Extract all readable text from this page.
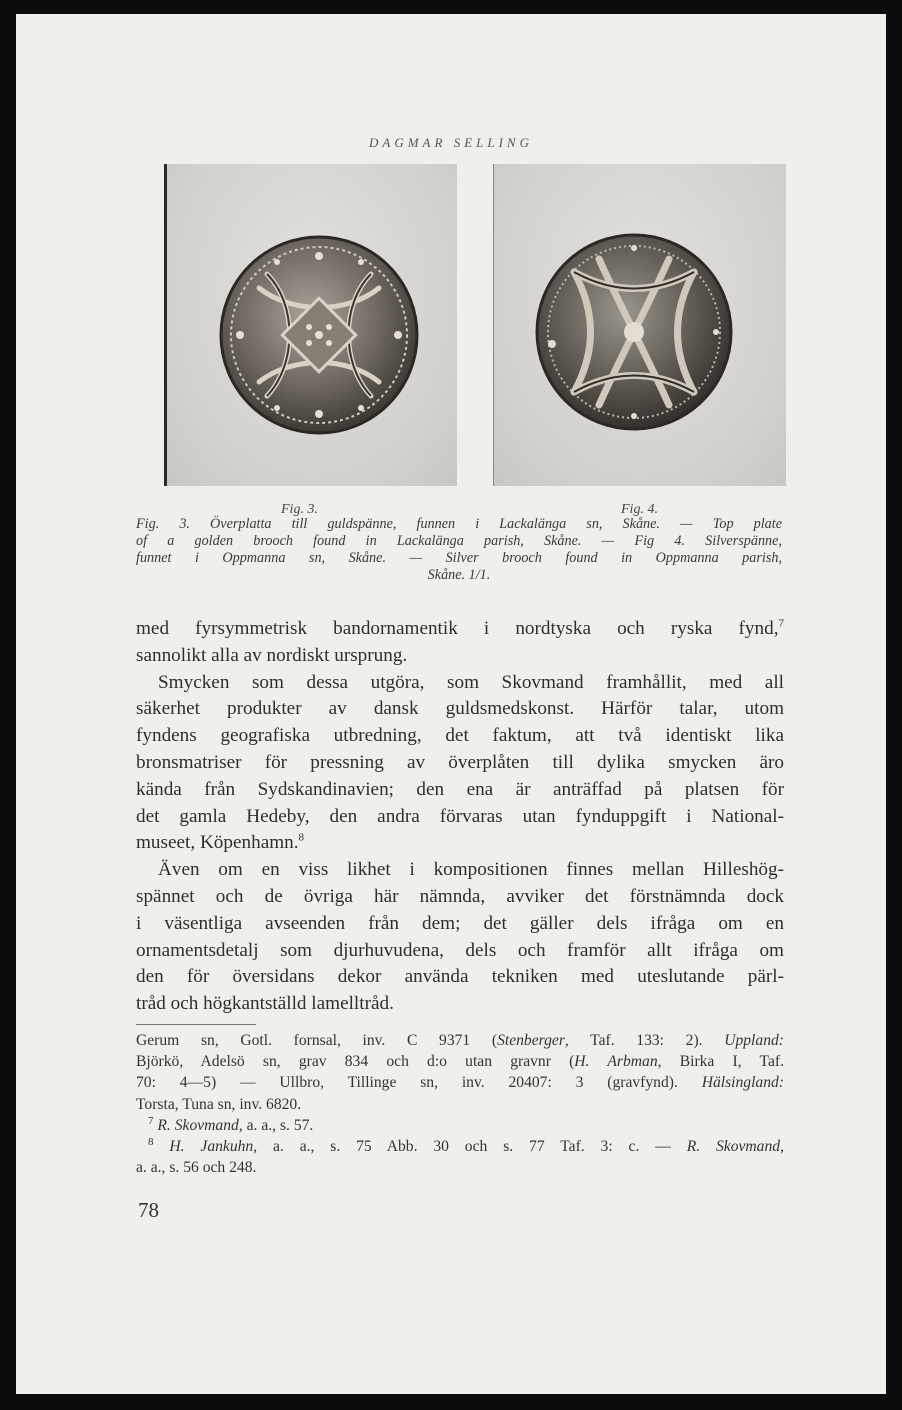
DAGMAR SELLING
Fig. 3.	Fig. 4.
Fig. 3. Överplatta till guldspänne, funnen i Lackalänga sn, Skåne. — Top plate
of a golden brooch found in Lackalänga parish, Skåne. — Fig 4. Silverspänne,
funnet i Oppmanna sn, Skåne. — Silver brooch found in Oppmanna parish,
Skåne. 1/1.
med fyrsymmetrisk bandornamentik i nordtyska och ryska fynd,$^7$
sannolikt alla av nordiskt ursprung.
Smycken som dessa utgöra, som Skovmand framhållit, med all
säkerhet produkter av dansk guldsmedskonst. Härför talar, utom
fyndens geografiska utbredning, det faktum, att två identiskt lika
bronsmatriser för pressning av överplåten till dylika smycken äro
kända från Sydskandinavien; den ena är anträffad på platsen för
det gamla Hedeby, den andra förvaras utan fynduppgift i National-
museet, Köpenhamn.$^8$
Även om en viss likhet i kompositionen finnes mellan Hilleshög-
spännet och de övriga här nämnda, avviker det förstnämnda dock
i väsentliga avseenden från dem; det gäller dels ifråga om en
ornamentsdetalj som djurhuvudena, dels och framför allt ifråga om
den för översidans dekor använda tekniken med uteslutande pärl-
tråd och högkantställd lamelltråd.
Gerum sn, Gotl. fornsal, inv. C 9371 (Stenberger, Taf. 133: 2). Uppland:
Björkö, Adelsö sn, grav 834 och d:o utan gravnr (H. Arbman, Birka I, Taf.
70: 4—5) — Ullbro, Tillinge sn, inv. 20407: 3 (gravfynd). Hälsingland:
Torsta, Tuna sn, inv. 6820.
$^7$ R. Skovmand, a. a., s. 57.
$^8$ H. Jankuhn, a. a., s. 75 Abb. 30 och s. 77 Taf. 3: c. — R. Skovmand,
a. a., s. 56 och 248.
78
